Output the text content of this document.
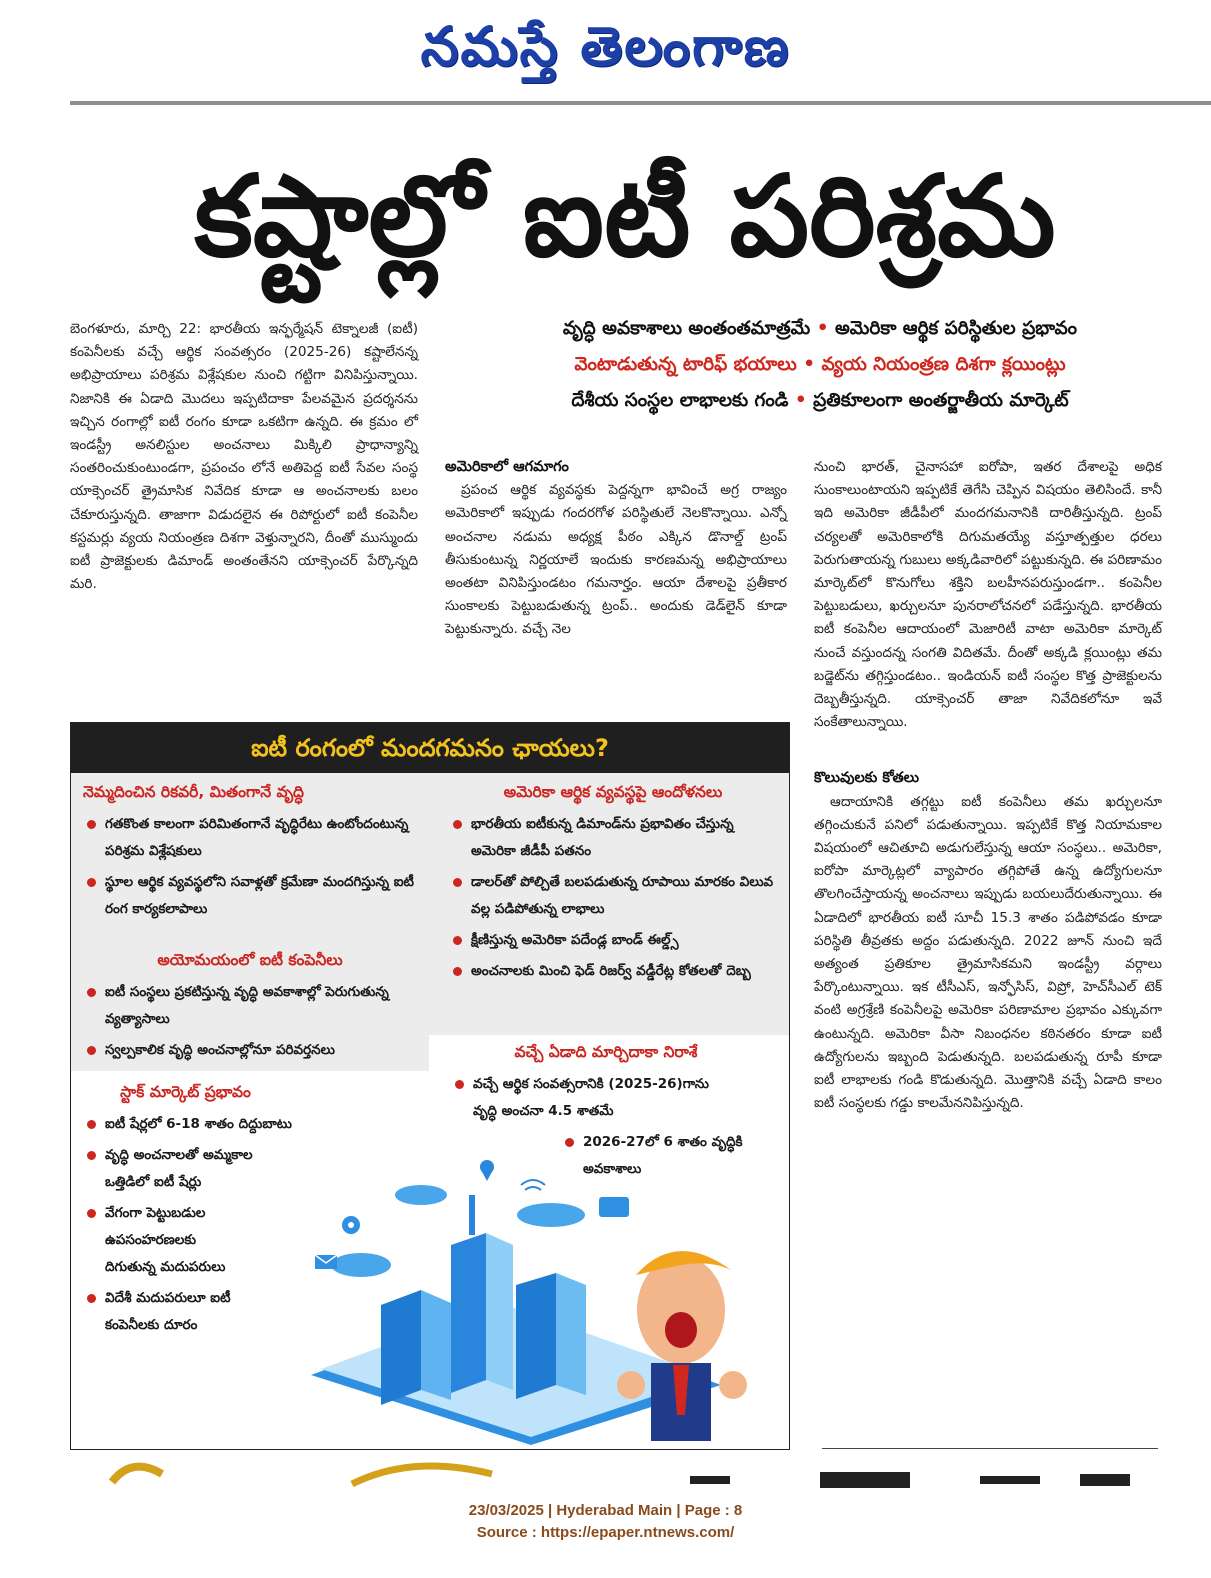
నమస్తే తెలంగాణ
కష్టాల్లో ఐటీ పరిశ్రమ

బెంగళూరు, మార్చి 22: భారతీయ ఇన్ఫర్మేషన్ టెక్నాలజీ (ఐటీ) కంపెనీలకు వచ్చే ఆర్థిక సంవత్సరం (2025-26) కష్టాలేనన్న అభిప్రాయాలు పరిశ్రమ విశ్లేషకుల నుంచి గట్టిగా వినిపిస్తున్నాయి. నిజానికి ఈ ఏడాది మొదలు ఇప్పటిదాకా పేలవమైన ప్రదర్శనను ఇచ్చిన రంగాల్లో ఐటీ రంగం కూడా ఒకటిగా ఉన్నది. ఈ క్రమం లో ఇండస్ట్రీ అనలిస్టుల అంచనాలు మిక్కిలి ప్రాధాన్యాన్ని సంతరించుకుంటుండగా, ప్రపంచం లోనే అతిపెద్ద ఐటీ సేవల సంస్థ యాక్సెంచర్ త్రైమాసిక నివేదిక కూడా ఆ అంచనాలకు బలం చేకూరుస్తున్నది. తాజాగా విడుదలైన ఈ రిపోర్టులో ఐటీ కంపెనీల కస్టమర్లు వ్యయ నియంత్రణ దిశగా వెళ్తున్నారని, దీంతో ముస్ముందు ఐటీ ప్రాజెక్టులకు డిమాండ్ అంతంతేనని యాక్సెంచర్ పేర్కొన్నది మరి.

వృద్ధి అవకాశాలు అంతంతమాత్రమే • అమెరికా ఆర్థిక పరిస్థితుల ప్రభావం
వెంటాడుతున్న టారిఫ్ భయాలు • వ్యయ నియంత్రణ దిశగా క్లయింట్లు
దేశీయ సంస్థల లాభాలకు గండి • ప్రతికూలంగా అంతర్జాతీయ మార్కెట్

అమెరికాలో ఆగమాగం

ప్రపంచ ఆర్థిక వ్యవస్థకు పెద్దన్నగా భావించే అగ్ర రాజ్యం అమెరికాలో ఇప్పుడు గందరగోళ పరిస్థితులే నెలకొన్నాయి. ఎన్నో అంచనాల నడుమ అధ్యక్ష పీఠం ఎక్కిన డొనాల్డ్ ట్రంప్ తీసుకుంటున్న నిర్ణయాలే ఇందుకు కారణమన్న అభిప్రాయాలు అంతటా వినిపిస్తుండటం గమనార్హం. ఆయా దేశాలపై ప్రతీకార సుంకాలకు పెట్టుబడుతున్న ట్రంప్.. అందుకు డెడ్‌లైన్ కూడా పెట్టుకున్నారు. వచ్చే నెల

నుంచి భారత్, చైనాసహా ఐరోపా, ఇతర దేశాలపై అధిక సుంకాలుంటాయని ఇప్పటికే తెగేసి చెప్పిన విషయం తెలిసిందే. కానీ ఇది అమెరికా జీడీపీలో మందగమనానికి దారితీస్తున్నది. ట్రంప్ చర్యలతో అమెరికాలోకి దిగుమతయ్యే వస్తూత్పత్తుల ధరలు పెరుగుతాయన్న గుబులు అక్కడివారిలో పట్టుకున్నది. ఈ పరిణామం మార్కెట్‌లో కొనుగోలు శక్తిని బలహీనపరుస్తుండగా.. కంపెనీల పెట్టుబడులు, ఖర్చులనూ పునరాలోచనలో పడేస్తున్నది. భారతీయ ఐటీ కంపెనీల ఆదాయంలో మెజారిటీ వాటా అమెరికా మార్కెట్ నుంచే వస్తుందన్న సంగతి విదితమే. దీంతో అక్కడి క్లయింట్లు తమ బడ్జెట్‌ను తగ్గిస్తుండటం.. ఇండియన్ ఐటీ సంస్థల కొత్త ప్రాజెక్టులను దెబ్బతీస్తున్నది. యాక్సెంచర్ తాజా నివేదికలోనూ ఇవే సంకేతాలున్నాయి.

కొలువులకు కోతలు

ఆదాయానికి తగ్గట్టు ఐటీ కంపెనీలు తమ ఖర్చులనూ తగ్గించుకునే పనిలో పడుతున్నాయి. ఇప్పటికే కొత్త నియామకాల విషయంలో ఆచితూచి అడుగులేస్తున్న ఆయా సంస్థలు.. అమెరికా, ఐరోపా మార్కెట్లలో వ్యాపారం తగ్గిపోతే ఉన్న ఉద్యోగులనూ తొలగించేస్తాయన్న అంచనాలు ఇప్పుడు బయలుదేరుతున్నాయి. ఈ ఏడాదిలో భారతీయ ఐటీ సూచీ 15.3 శాతం పడిపోవడం కూడా పరిస్థితి తీవ్రతకు అద్దం పడుతున్నది. 2022 జూన్ నుంచి ఇదే అత్యంత ప్రతికూల త్రైమాసికమని ఇండస్ట్రీ వర్గాలు పేర్కొంటున్నాయి. ఇక టీసీఎస్, ఇన్ఫోసిస్, విప్రో, హెచ్‌సీఎల్ టెక్ వంటి అగ్రశ్రేణి కంపెనీలపై అమెరికా పరిణామాల ప్రభావం ఎక్కువగా ఉంటున్నది. అమెరికా వీసా నిబంధనల కఠినతరం కూడా ఐటీ ఉద్యోగులను ఇబ్బంది పెడుతున్నది. బలపడుతున్న రూపీ కూడా ఐటీ లాభాలకు గండి కొడుతున్నది. మొత్తానికి వచ్చే ఏడాది కాలం ఐటీ సంస్థలకు గడ్డు కాలమేననిపిస్తున్నది.

ఐటీ రంగంలో మందగమనం ఛాయలు?
నెమ్మదించిన రికవరీ, మితంగానే వృద్ధి
గతకొంత కాలంగా పరిమితంగానే వృద్ధిరేటు ఉంటోందంటున్న పరిశ్రమ విశ్లేషకులు
స్థూల ఆర్థిక వ్యవస్థలోని సవాళ్లతో క్రమేణా మందగిస్తున్న ఐటీ రంగ కార్యకలాపాలు
అమెరికా ఆర్థిక వ్యవస్థపై ఆందోళనలు
భారతీయ ఐటీకున్న డిమాండ్‌ను ప్రభావితం చేస్తున్న అమెరికా జీడీపీ పతనం
డాలర్‌తో పోల్చితే బలపడుతున్న రూపాయి మారకం విలువ వల్ల పడిపోతున్న లాభాలు
క్షీణిస్తున్న అమెరికా పదేండ్ల బాండ్ ఈల్డ్స్
అంచనాలకు మించి ఫెడ్ రిజర్వ్ వడ్డీరేట్ల కోతలతో దెబ్బ
అయోమయంలో ఐటీ కంపెనీలు
ఐటీ సంస్థలు ప్రకటిస్తున్న వృద్ధి అవకాశాల్లో పెరుగుతున్న వ్యత్యాసాలు
స్వల్పకాలిక వృద్ధి అంచనాల్లోనూ పరివర్తనలు	వచ్చే ఏడాది మార్చిదాకా నిరాశే
వచ్చే ఆర్థిక సంవత్సరానికి (2025-26)గాను వృద్ధి అంచనా 4.5 శాతమే
2026-27లో 6 శాతం వృద్ధికి అవకాశాలు
స్టాక్ మార్కెట్ ప్రభావం
ఐటీ షేర్లలో 6-18 శాతం దిద్దుబాటు
వృద్ధి అంచనాలతో అమ్మకాల ఒత్తిడిలో ఐటీ షేర్లు
వేగంగా పెట్టుబడుల ఉపసంహరణలకు దిగుతున్న మదుపరులు
విదేశీ మదుపరులూ ఐటీ కంపెనీలకు దూరం
23/03/2025 | Hyderabad Main | Page : 8
Source : https://epaper.ntnews.com/
